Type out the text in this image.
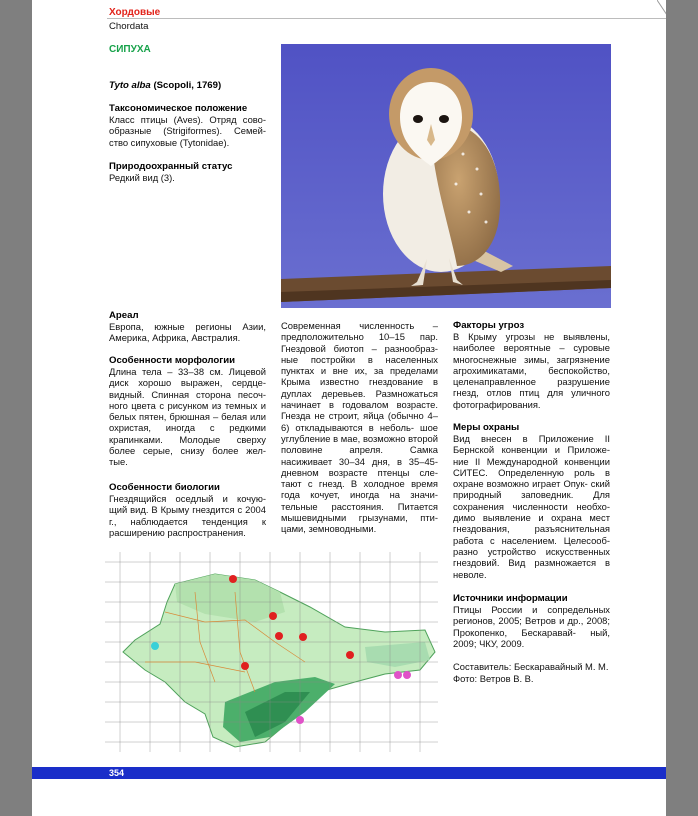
Хордовые
Chordata
СИПУХА
Tyto alba (Scopoli, 1769)
Таксономическое положение
Класс птицы (Aves). Отряд сово- образные (Strigiformes). Семей- ство сипуховые (Tytonidae).
Природоохранный статус
Редкий вид (3).
Ареал
Европа, южные регионы Азии, Америка, Африка, Австралия.
Особенности морфологии
Длина тела – 33–38 см. Лицевой диск хорошо выражен, сердце- видный. Спинная сторона песоч- ного цвета с рисунком из темных и белых пятен, брюшная – белая или охристая, иногда с редкими крапинками. Молодые сверху более серые, снизу более жел- тые.
Особенности биологии
Гнездящийся оседлый и кочую- щий вид. В Крыму гнездится с 2004 г., наблюдается тенденция к расширению распространения.
Современная численность – предположительно 10–15 пар. Гнездовой биотоп – разнообраз- ные постройки в населенных пунктах и вне их, за пределами Крыма известно гнездование в дуплах деревьев. Размножаться начинает в годовалом возрасте. Гнезда не строит, яйца (обычно 4–6) откладываются в неболь- шое углубление в мае, возможно второй половине апреля. Самка насиживает 30–34 дня, в 35–45- дневном возрасте птенцы сле- тают с гнезд. В холодное время года кочует, иногда на значи- тельные расстояния. Питается мышевидными грызунами, пти- цами, земноводными.
Факторы угроз
В Крыму угрозы не выявлены, наиболее вероятные – суровые многоснежные зимы, загрязнение агрохимикатами, беспокойство, целенаправленное разрушение гнезд, отлов птиц для уличного фотографирования.
Меры охраны
Вид внесен в Приложение II Бернской конвенции и Приложе- ние II Международной конвенции СИТЕС. Определенную роль в охране возможно играет Опук- ский природный заповедник. Для сохранения численности необхо- димо выявление и охрана мест гнездования, разъяснительная работа с населением. Целесооб- разно устройство искусственных гнездовий. Вид размножается в неволе.
Источники информации
Птицы России и сопредельных регионов, 2005; Ветров и др., 2008; Прокопенко, Бескаравай- ный, 2009; ЧКУ, 2009.
Составитель: Бескаравайный М. М.
Фото: Ветров В. В.
354
